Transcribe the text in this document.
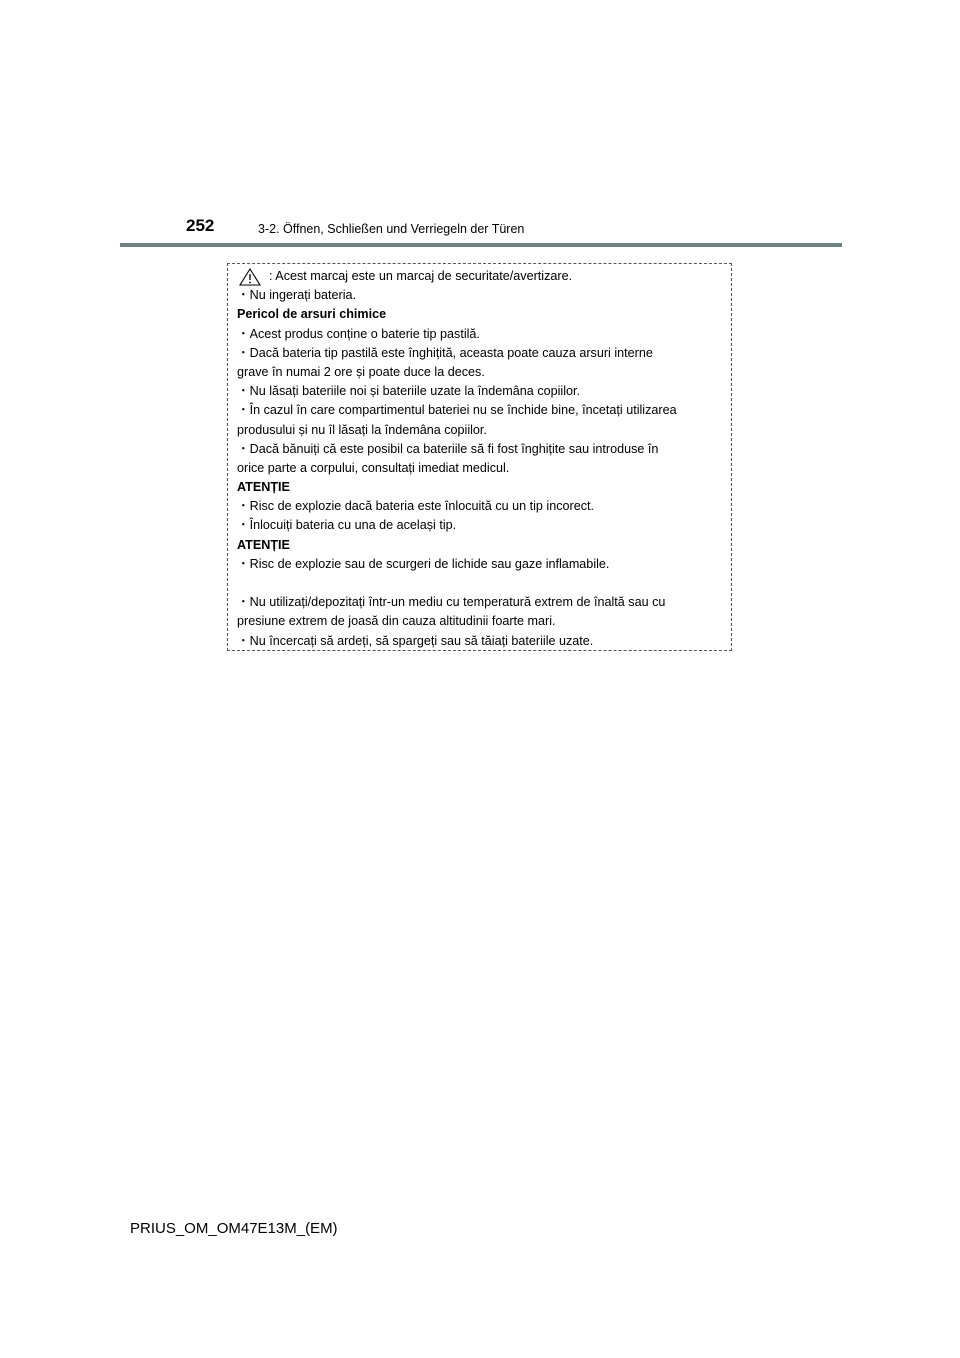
252	3-2. Öffnen, Schließen und Verriegeln der Türen
: Acest marcaj este un marcaj de securitate/avertizare.
・ Nu ingerați bateria.
Pericol de arsuri chimice
・ Acest produs conține o baterie tip pastilă.
・ Dacă bateria tip pastilă este înghițită, aceasta poate cauza arsuri interne
grave în numai 2 ore și poate duce la deces.
・ Nu lăsați bateriile noi și bateriile uzate la îndemâna copiilor.
・ În cazul în care compartimentul bateriei nu se închide bine, încetați utilizarea
produsului și nu îl lăsați la îndemâna copiilor.
・ Dacă bănuiți că este posibil ca bateriile să fi fost înghițite sau introduse în
orice parte a corpului, consultați imediat medicul.
ATENȚIE
・ Risc de explozie dacă bateria este înlocuită cu un tip incorect.
・ Înlocuiți bateria cu una de același tip.
ATENȚIE
・ Risc de explozie sau de scurgeri de lichide sau gaze inflamabile.
・ Nu utilizați/depozitați într-un mediu cu temperatură extrem de înaltă sau cu
presiune extrem de joasă din cauza altitudinii foarte mari.
・ Nu încercați să ardeți, să spargeți sau să tăiați bateriile uzate.
PRIUS_OM_OM47E13M_(EM)
